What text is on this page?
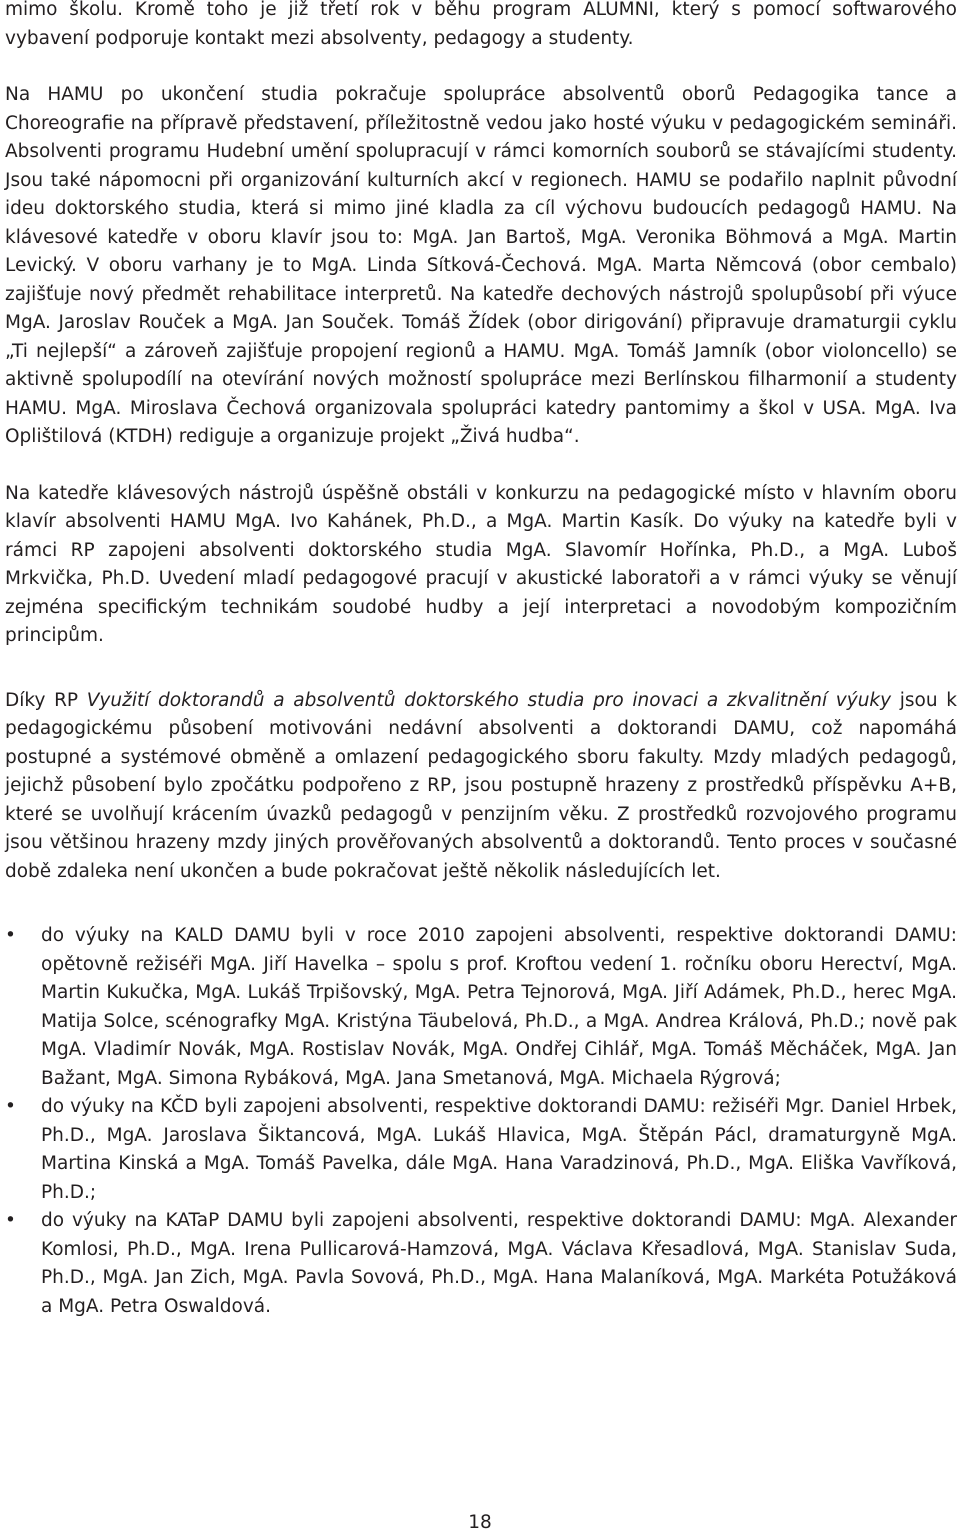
mimo školu. Kromě toho je již třetí rok v běhu program ALUMNI, který s pomocí softwarového vybavení podporuje kontakt mezi absolventy, pedagogy a studenty.

Na HAMU po ukončení studia pokračuje spolupráce absolventů oborů Pedagogika tance a Choreografie na přípravě představení, příležitostně vedou jako hosté výuku v pedagogickém semináři. Absolventi programu Hudební umění spolupracují v rámci komorních souborů se stávajícími studenty. Jsou také nápomocni při organizování kulturních akcí v regionech. HAMU se podařilo naplnit původní ideu doktorského studia, která si mimo jiné kladla za cíl výchovu budoucích pedagogů HAMU. Na klávesové katedře v oboru klavír jsou to: MgA. Jan Bartoš, MgA. Veronika Böhmová a MgA. Martin Levický. V oboru varhany je to MgA. Linda Sítková-Čechová. MgA. Marta Němcová (obor cembalo) zajišťuje nový předmět rehabilitace interpretů. Na katedře dechových nástrojů spolupůsobí při výuce MgA. Jaroslav Rouček a MgA. Jan Souček. Tomáš Žídek (obor dirigování) připravuje dramaturgii cyklu „Ti nejlepší“ a zároveň zajišťuje propojení regionů a HAMU. MgA. Tomáš Jamník (obor violoncello) se aktivně spolupodílí na otevírání nových možností spolupráce mezi Berlínskou filharmonií a studenty HAMU. MgA. Miroslava Čechová organizovala spolupráci katedry pantomimy a škol v USA. MgA. Iva Oplištilová (KTDH) rediguje a organizuje projekt „Živá hudba“.

Na katedře klávesových nástrojů úspěšně obstáli v konkurzu na pedagogické místo v hlavním oboru klavír absolventi HAMU MgA. Ivo Kahánek, Ph.D., a MgA. Martin Kasík. Do výuky na katedře byli v rámci RP zapojeni absolventi doktorského studia MgA. Slavomír Hořínka, Ph.D., a MgA. Luboš Mrkvička, Ph.D. Uvedení mladí pedagogové pracují v akustické laboratoři a v rámci výuky se věnují zejména specifickým technikám soudobé hudby a její interpretaci a novodobým kompozičním principům.

Díky RP Využití doktorandů a absolventů doktorského studia pro inovaci a zkvalitnění výuky jsou k pedagogickému působení motivováni nedávní absolventi a doktorandi DAMU, což napomáhá postupné a systémové obměně a omlazení pedagogického sboru fakulty. Mzdy mladých pedagogů, jejichž působení bylo zpočátku podpořeno z RP, jsou postupně hrazeny z prostředků příspěvku A+B, které se uvolňují krácením úvazků pedagogů v penzijním věku. Z prostředků rozvojového programu jsou většinou hrazeny mzdy jiných prověřovaných absolventů a doktorandů. Tento proces v současné době zdaleka není ukončen a bude pokračovat ještě několik následujících let.

•	do výuky na KALD DAMU byli v roce 2010 zapojeni absolventi, respektive doktorandi DAMU: opětovně režiséři MgA. Jiří Havelka – spolu s prof. Kroftou vedení 1. ročníku oboru Herectví, MgA. Martin Kukučka, MgA. Lukáš Trpišovský, MgA. Petra Tejnorová, MgA. Jiří Adámek, Ph.D., herec MgA. Matija Solce, scénografky MgA. Kristýna Täubelová, Ph.D., a MgA. Andrea Králová, Ph.D.; nově pak MgA. Vladimír Novák, MgA. Rostislav Novák, MgA. Ondřej Cihlář, MgA. Tomáš Měcháček, MgA. Jan Bažant, MgA. Simona Rybáková, MgA. Jana Smetanová, MgA. Michaela Rýgrová;
•	do výuky na KČD byli zapojeni absolventi, respektive doktorandi DAMU: režiséři Mgr. Daniel Hrbek, Ph.D., MgA. Jaroslava Šiktancová, MgA. Lukáš Hlavica, MgA. Štěpán Pácl, dramaturgyně MgA. Martina Kinská a MgA. Tomáš Pavelka, dále MgA. Hana Varadzinová, Ph.D., MgA. Eliška Vavříková, Ph.D.;
•	do výuky na KATaP DAMU byli zapojeni absolventi, respektive doktorandi DAMU: MgA. Alexander Komlosi, Ph.D., MgA. Irena Pullicarová-Hamzová, MgA. Václava Křesadlová, MgA. Stanislav Suda, Ph.D., MgA. Jan Zich, MgA. Pavla Sovová, Ph.D., MgA. Hana Malaníková, MgA. Markéta Potužáková a MgA. Petra Oswaldová.
18
